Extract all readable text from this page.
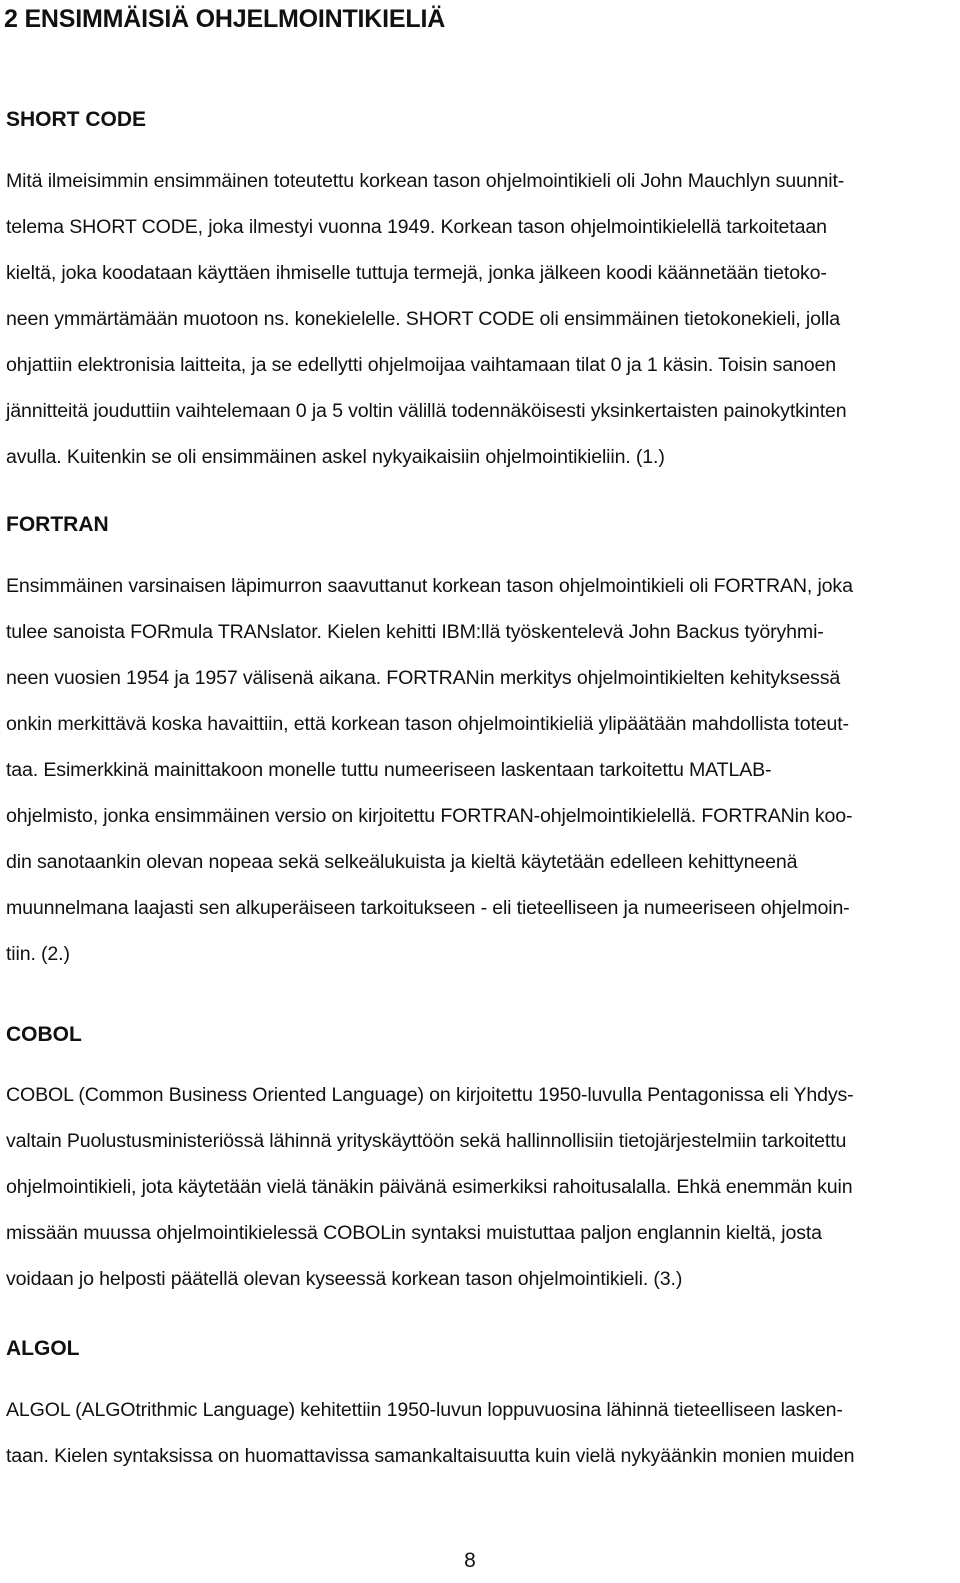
2 ENSIMMÄISIÄ OHJELMOINTIKIELIÄ
SHORT CODE
Mitä ilmeisimmin ensimmäinen toteutettu korkean tason ohjelmointikieli oli John Mauchlyn suunnit-
telema SHORT CODE, joka ilmestyi vuonna 1949. Korkean tason ohjelmointikielellä tarkoitetaan
kieltä, joka koodataan käyttäen ihmiselle tuttuja termejä, jonka jälkeen koodi käännetään tietoko-
neen ymmärtämään muotoon ns. konekielelle. SHORT CODE oli ensimmäinen tietokonekieli, jolla
ohjattiin elektronisia laitteita, ja se edellytti ohjelmoijaa vaihtamaan tilat 0 ja 1 käsin. Toisin sanoen
jännitteitä jouduttiin vaihtelemaan 0 ja 5 voltin välillä todennäköisesti yksinkertaisten painokytkinten
avulla. Kuitenkin se oli ensimmäinen askel nykyaikaisiin ohjelmointikieliin. (1.)
FORTRAN
Ensimmäinen varsinaisen läpimurron saavuttanut korkean tason ohjelmointikieli oli FORTRAN, joka
tulee sanoista FORmula TRANslator. Kielen kehitti IBM:llä työskentelevä John Backus työryhmi-
neen vuosien 1954 ja 1957 välisenä aikana. FORTRANin merkitys ohjelmointikielten kehityksessä
onkin merkittävä koska havaittiin, että korkean tason ohjelmointikieliä ylipäätään mahdollista toteut-
taa. Esimerkkinä mainittakoon monelle tuttu numeeriseen laskentaan tarkoitettu MATLAB-
ohjelmisto, jonka ensimmäinen versio on kirjoitettu FORTRAN-ohjelmointikielellä. FORTRANin koo-
din sanotaankin olevan nopeaa sekä selkeälukuista ja kieltä käytetään edelleen kehittyneenä
muunnelmana laajasti sen alkuperäiseen tarkoitukseen - eli tieteelliseen ja numeeriseen ohjelmoin-
tiin. (2.)
COBOL
COBOL (Common Business Oriented Language) on kirjoitettu 1950-luvulla Pentagonissa eli Yhdys-
valtain Puolustusministeriössä lähinnä yrityskäyttöön sekä hallinnollisiin tietojärjestelmiin tarkoitettu
ohjelmointikieli, jota käytetään vielä tänäkin päivänä esimerkiksi rahoitusalalla. Ehkä enemmän kuin
missään muussa ohjelmointikielessä COBOLin syntaksi muistuttaa paljon englannin kieltä, josta
voidaan jo helposti päätellä olevan kyseessä korkean tason ohjelmointikieli. (3.)
ALGOL
ALGOL (ALGOtrithmic Language) kehitettiin 1950-luvun loppuvuosina lähinnä tieteelliseen lasken-
taan. Kielen syntaksissa on huomattavissa samankaltaisuutta kuin vielä nykyäänkin monien muiden
8
